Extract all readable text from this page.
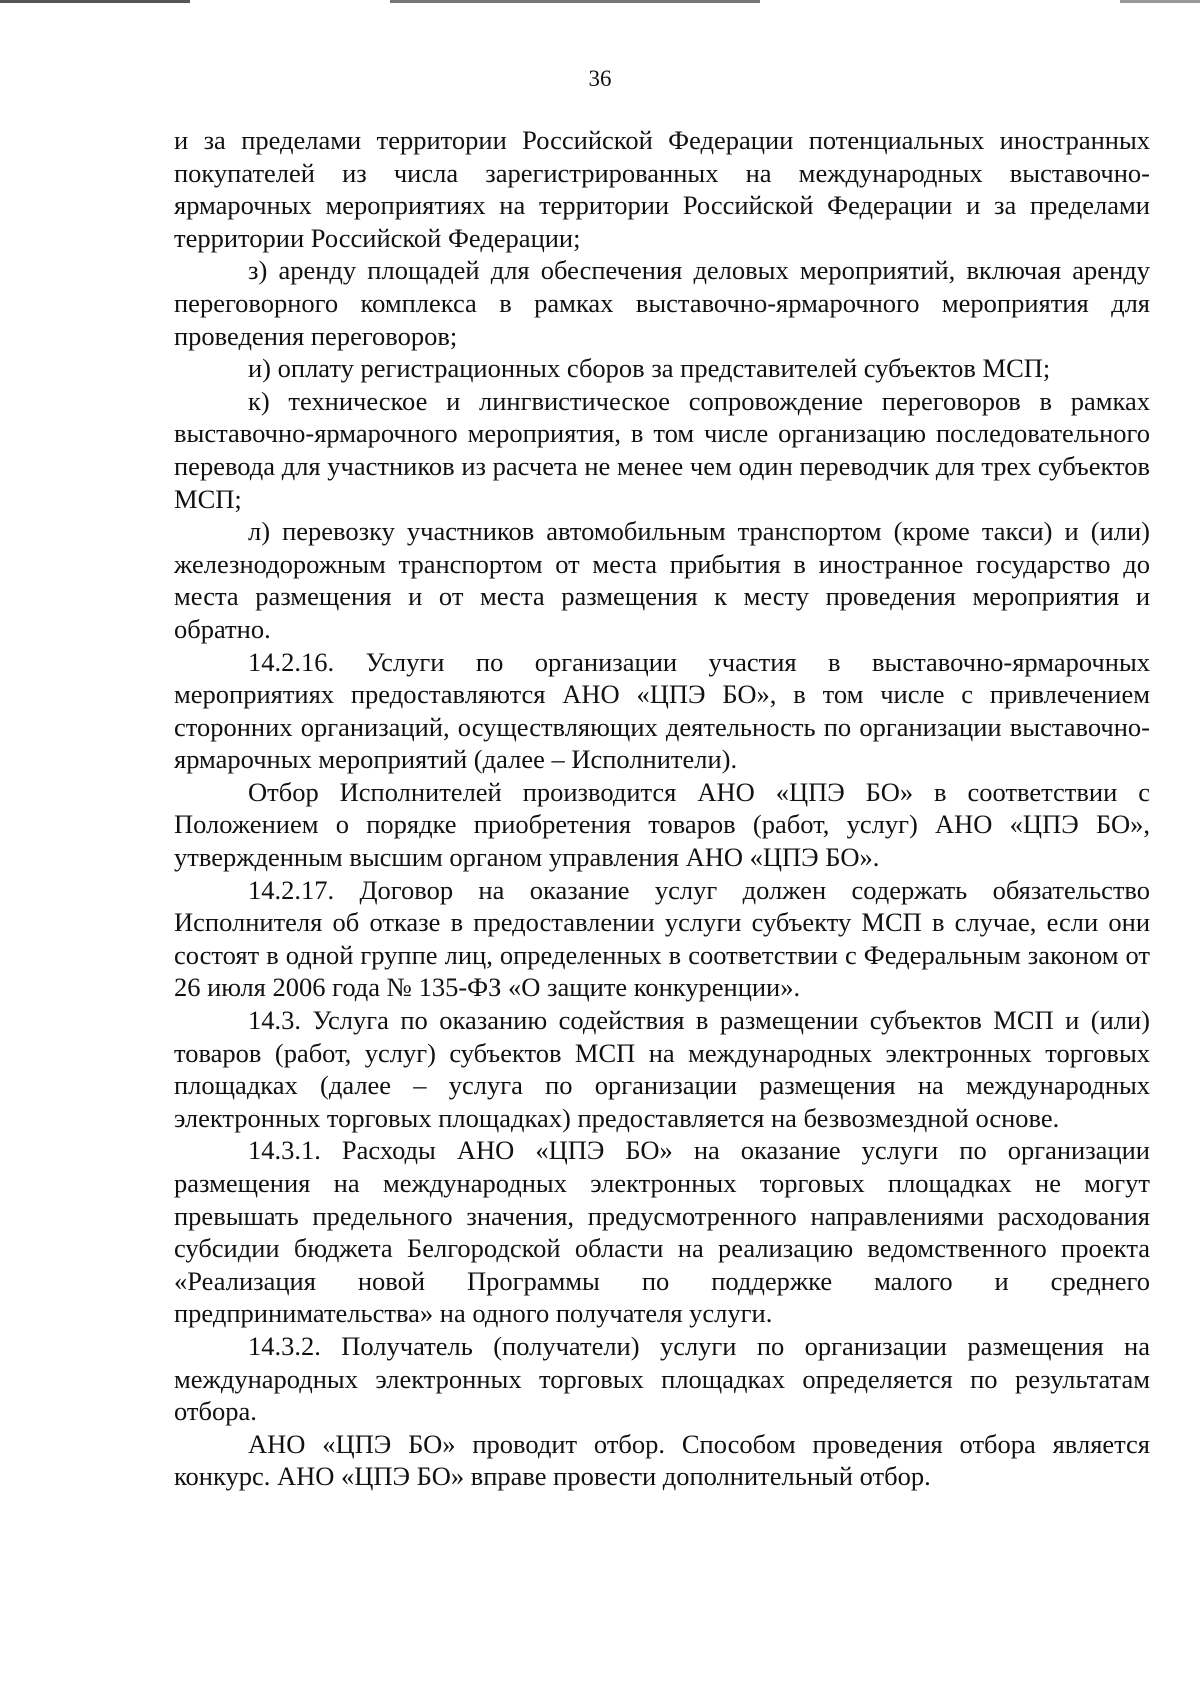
36

и за пределами территории Российской Федерации потенциальных иностранных покупателей из числа зарегистрированных на международных выставочно-ярмарочных мероприятиях на территории Российской Федерации и за пределами территории Российской Федерации;

з) аренду площадей для обеспечения деловых мероприятий, включая аренду переговорного комплекса в рамках выставочно-ярмарочного мероприятия для проведения переговоров;

и) оплату регистрационных сборов за представителей субъектов МСП;

к) техническое и лингвистическое сопровождение переговоров в рамках выставочно-ярмарочного мероприятия, в том числе организацию последовательного перевода для участников из расчета не менее чем один переводчик для трех субъектов МСП;

л) перевозку участников автомобильным транспортом (кроме такси) и (или) железнодорожным транспортом от места прибытия в иностранное государство до места размещения и от места размещения к месту проведения мероприятия и обратно.

14.2.16. Услуги по организации участия в выставочно-ярмарочных мероприятиях предоставляются АНО «ЦПЭ БО», в том числе с привлечением сторонних организаций, осуществляющих деятельность по организации выставочно-ярмарочных мероприятий (далее – Исполнители).

Отбор Исполнителей производится АНО «ЦПЭ БО» в соответствии с Положением о порядке приобретения товаров (работ, услуг) АНО «ЦПЭ БО», утвержденным высшим органом управления АНО «ЦПЭ БО».

14.2.17. Договор на оказание услуг должен содержать обязательство Исполнителя об отказе в предоставлении услуги субъекту МСП в случае, если они состоят в одной группе лиц, определенных в соответствии с Федеральным законом от 26 июля 2006 года № 135-ФЗ «О защите конкуренции».

14.3. Услуга по оказанию содействия в размещении субъектов МСП и (или) товаров (работ, услуг) субъектов МСП на международных электронных торговых площадках (далее – услуга по организации размещения на международных электронных торговых площадках) предоставляется на безвозмездной основе.

14.3.1. Расходы АНО «ЦПЭ БО» на оказание услуги по организации размещения на международных электронных торговых площадках не могут превышать предельного значения, предусмотренного направлениями расходования субсидии бюджета Белгородской области на реализацию ведомственного проекта «Реализация новой Программы по поддержке малого и среднего предпринимательства» на одного получателя услуги.

14.3.2. Получатель (получатели) услуги по организации размещения на международных электронных торговых площадках определяется по результатам отбора.

АНО «ЦПЭ БО» проводит отбор. Способом проведения отбора является конкурс. АНО «ЦПЭ БО» вправе провести дополнительный отбор.
